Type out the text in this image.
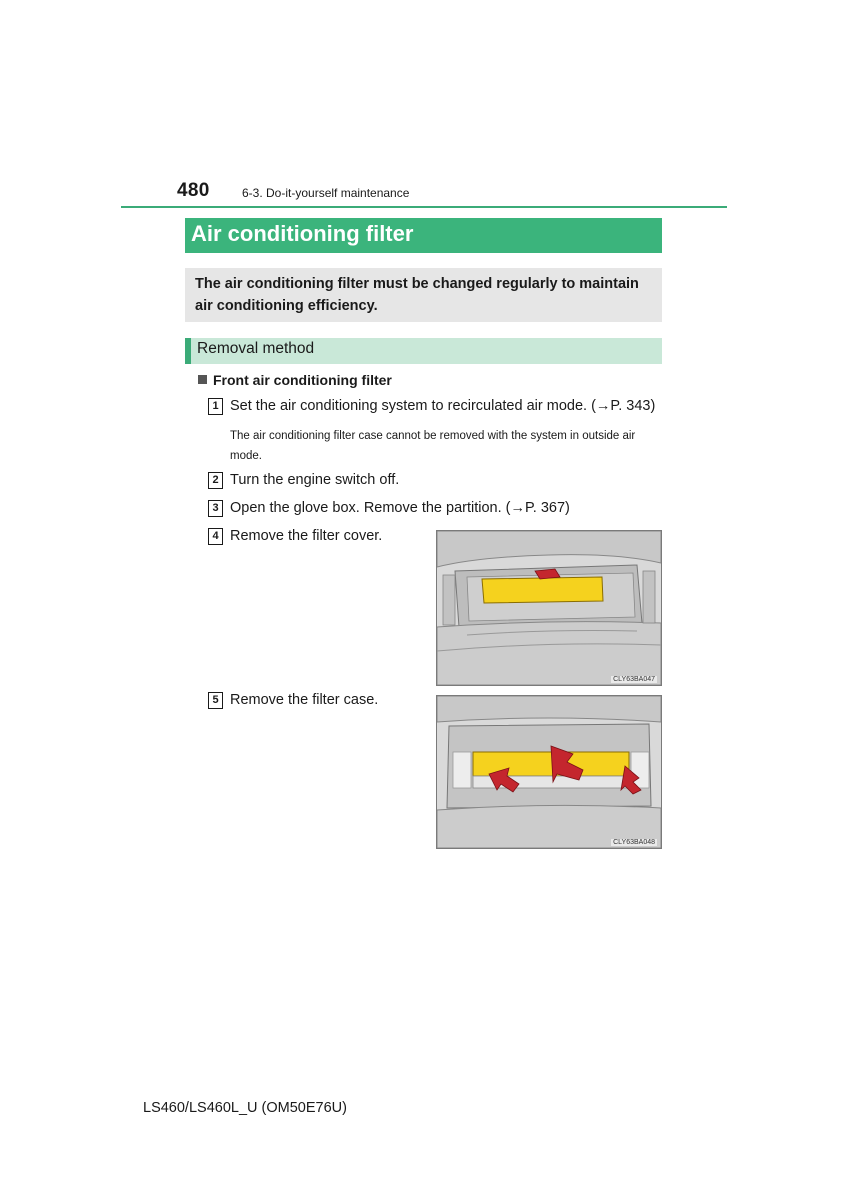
480	6-3. Do-it-yourself maintenance
Air conditioning filter
The air conditioning filter must be changed regularly to maintain air conditioning efficiency.
Removal method
Front air conditioning filter
1 Set the air conditioning system to recirculated air mode. (→P. 343)
The air conditioning filter case cannot be removed with the system in outside air mode.
2 Turn the engine switch off.
3 Open the glove box. Remove the partition. (→P. 367)
4 Remove the filter cover.
CLY63BA047
5 Remove the filter case.
CLY63BA048
LS460/LS460L_U (OM50E76U)
